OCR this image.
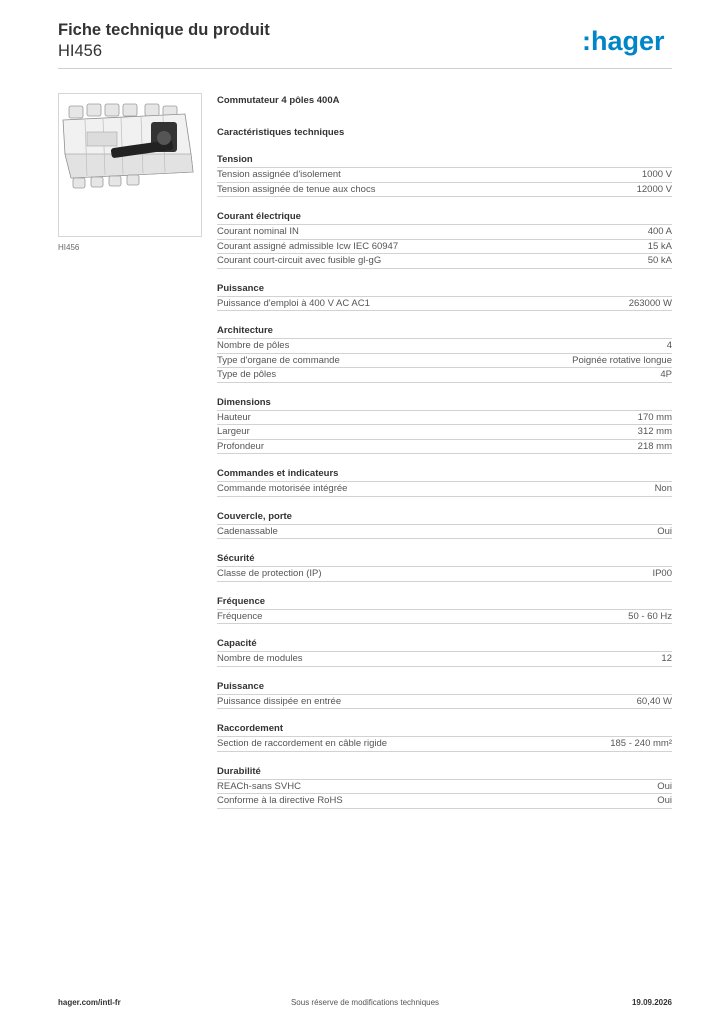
Fiche technique du produit
HI456	:hager
HI456
Commutateur 4 pôles 400A
Caractéristiques techniques
Tension
Tension assignée d'isolement	1000 V
Tension assignée de tenue aux chocs	12000 V
Courant électrique
Courant nominal IN	400 A
Courant assigné admissible Icw IEC 60947	15 kA
Courant court-circuit avec fusible gl-gG	50 kA
Puissance
Puissance d'emploi à 400 V AC AC1	263000 W
Architecture
Nombre de pôles	4
Type d'organe de commande	Poignée rotative longue
Type de pôles	4P
Dimensions
Hauteur	170 mm
Largeur	312 mm
Profondeur	218 mm
Commandes et indicateurs
Commande motorisée intégrée	Non
Couvercle, porte
Cadenassable	Oui
Sécurité
Classe de protection (IP)	IP00
Fréquence
Fréquence	50 - 60 Hz
Capacité
Nombre de modules	12
Puissance
Puissance dissipée en entrée	60,40 W
Raccordement
Section de raccordement en câble rigide	185 - 240 mm²
Durabilité
REACh-sans SVHC	Oui
Conforme à la directive RoHS	Oui
hager.com/intl-fr	Sous réserve de modifications techniques	19.09.2026
